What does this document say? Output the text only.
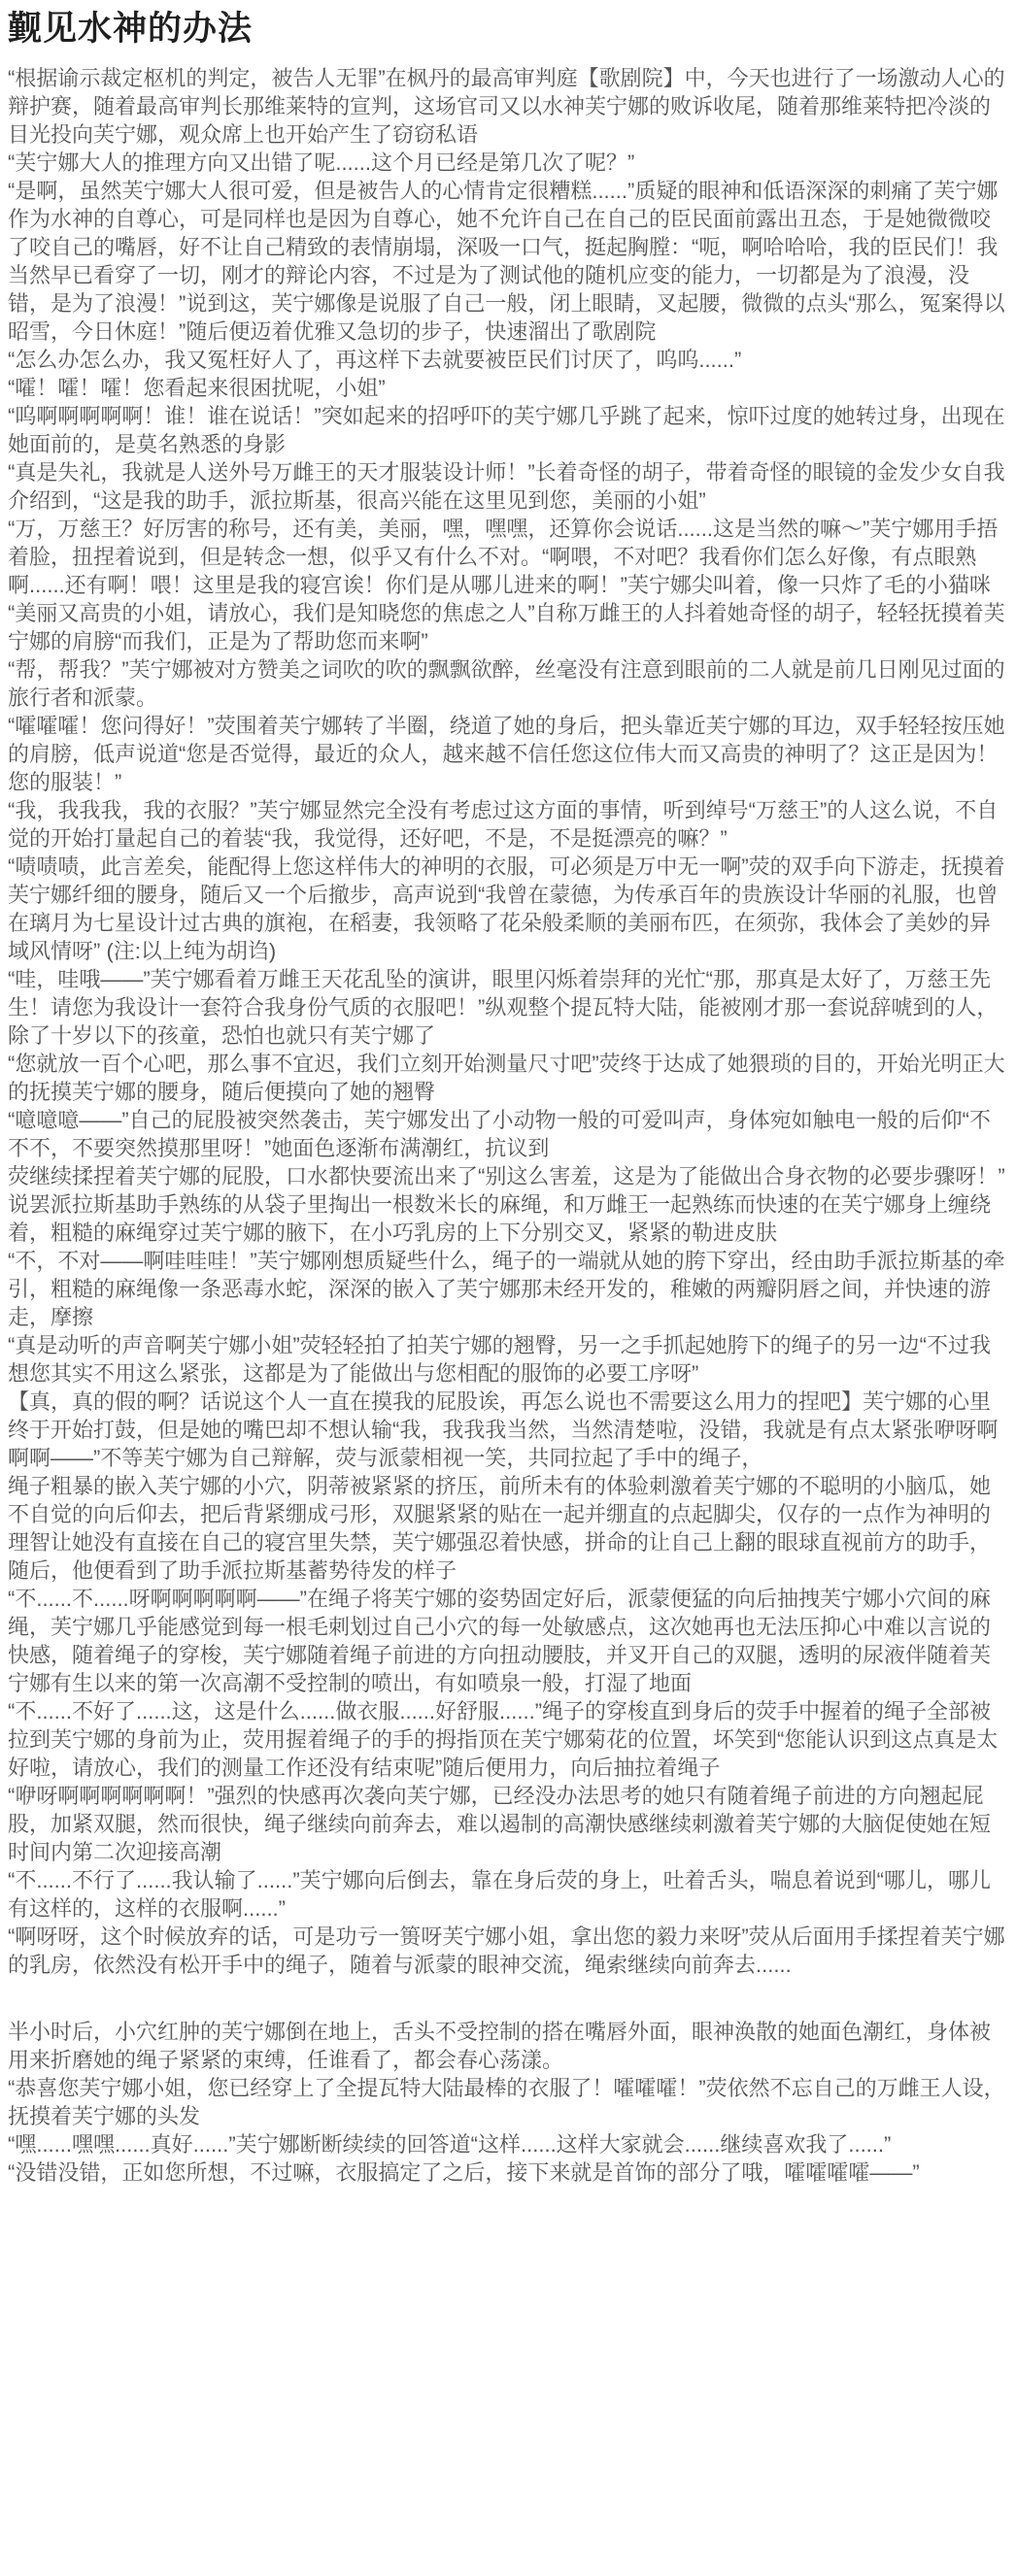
觐见水神的办法
“根据谕示裁定枢机的判定，被告人无罪”在枫丹的最高审判庭【歌剧院】中，今天也进行了一场激动人心的辩护赛，随着最高审判长那维莱特的宣判，这场官司又以水神芙宁娜的败诉收尾，随着那维莱特把冷淡的目光投向芙宁娜，观众席上也开始产生了窃窃私语
“芙宁娜大人的推理方向又出错了呢......这个月已经是第几次了呢？”
“是啊，虽然芙宁娜大人很可爱，但是被告人的心情肯定很糟糕......”质疑的眼神和低语深深的刺痛了芙宁娜作为水神的自尊心，可是同样也是因为自尊心，她不允许自己在自己的臣民面前露出丑态，于是她微微咬了咬自己的嘴唇，好不让自己精致的表情崩塌，深吸一口气，挺起胸膛：“呃，啊哈哈哈，我的臣民们！我当然早已看穿了一切，刚才的辩论内容，不过是为了测试他的随机应变的能力，一切都是为了浪漫，没错，是为了浪漫！”说到这，芙宁娜像是说服了自己一般，闭上眼睛，叉起腰，微微的点头“那么，冤案得以昭雪，今日休庭！”随后便迈着优雅又急切的步子，快速溜出了歌剧院
“怎么办怎么办，我又冤枉好人了，再这样下去就要被臣民们讨厌了，呜呜......”
“嚯！嚯！嚯！您看起来很困扰呢，小姐”
“呜啊啊啊啊啊！谁！谁在说话！”突如起来的招呼吓的芙宁娜几乎跳了起来，惊吓过度的她转过身，出现在她面前的，是莫名熟悉的身影
“真是失礼，我就是人送外号万雌王的天才服装设计师！”长着奇怪的胡子，带着奇怪的眼镜的金发少女自我介绍到，“这是我的助手，派拉斯基，很高兴能在这里见到您，美丽的小姐”
“万，万慈王？好厉害的称号，还有美，美丽，嘿，嘿嘿，还算你会说话......这是当然的嘛～”芙宁娜用手捂着脸，扭捏着说到，但是转念一想，似乎又有什么不对。“啊喂，不对吧？我看你们怎么好像，有点眼熟啊......还有啊！喂！这里是我的寝宫诶！你们是从哪儿进来的啊！”芙宁娜尖叫着，像一只炸了毛的小猫咪
“美丽又高贵的小姐，请放心，我们是知晓您的焦虑之人”自称万雌王的人抖着她奇怪的胡子，轻轻抚摸着芙宁娜的肩膀“而我们，正是为了帮助您而来啊”
“帮，帮我？”芙宁娜被对方赞美之词吹的吹的飘飘欲醉，丝毫没有注意到眼前的二人就是前几日刚见过面的旅行者和派蒙。
“嚯嚯嚯！您问得好！”荧围着芙宁娜转了半圈，绕道了她的身后，把头靠近芙宁娜的耳边，双手轻轻按压她的肩膀，低声说道“您是否觉得，最近的众人，越来越不信任您这位伟大而又高贵的神明了？这正是因为！您的服装！”
“我，我我我，我的衣服？”芙宁娜显然完全没有考虑过这方面的事情，听到绰号“万慈王”的人这么说，不自觉的开始打量起自己的着装“我，我觉得，还好吧，不是，不是挺漂亮的嘛？”
“啧啧啧，此言差矣，能配得上您这样伟大的神明的衣服，可必须是万中无一啊”荧的双手向下游走，抚摸着芙宁娜纤细的腰身，随后又一个后撤步，高声说到“我曾在蒙德，为传承百年的贵族设计华丽的礼服，也曾在璃月为七星设计过古典的旗袍，在稻妻，我领略了花朵般柔顺的美丽布匹，在须弥，我体会了美妙的异域风情呀” (注:以上纯为胡诌)
“哇，哇哦——”芙宁娜看着万雌王天花乱坠的演讲，眼里闪烁着崇拜的光忙“那，那真是太好了，万慈王先生！请您为我设计一套符合我身份气质的衣服吧！”纵观整个提瓦特大陆，能被刚才那一套说辞唬到的人，除了十岁以下的孩童，恐怕也就只有芙宁娜了
“您就放一百个心吧，那么事不宜迟，我们立刻开始测量尺寸吧”荧终于达成了她猥琐的目的，开始光明正大的抚摸芙宁娜的腰身，随后便摸向了她的翘臀
“噫噫噫——”自己的屁股被突然袭击，芙宁娜发出了小动物一般的可爱叫声，身体宛如触电一般的后仰“不不不，不要突然摸那里呀！”她面色逐渐布满潮红，抗议到
荧继续揉捏着芙宁娜的屁股，口水都快要流出来了“别这么害羞，这是为了能做出合身衣物的必要步骤呀！”说罢派拉斯基助手熟练的从袋子里掏出一根数米长的麻绳，和万雌王一起熟练而快速的在芙宁娜身上缠绕着，粗糙的麻绳穿过芙宁娜的腋下，在小巧乳房的上下分别交叉，紧紧的勒进皮肤
“不，不对——啊哇哇哇！”芙宁娜刚想质疑些什么，绳子的一端就从她的胯下穿出，经由助手派拉斯基的牵引，粗糙的麻绳像一条恶毒水蛇，深深的嵌入了芙宁娜那未经开发的，稚嫩的两瓣阴唇之间，并快速的游走，摩擦
“真是动听的声音啊芙宁娜小姐”荧轻轻拍了拍芙宁娜的翘臀，另一之手抓起她胯下的绳子的另一边“不过我想您其实不用这么紧张，这都是为了能做出与您相配的服饰的必要工序呀”
【真，真的假的啊？话说这个人一直在摸我的屁股诶，再怎么说也不需要这么用力的捏吧】芙宁娜的心里终于开始打鼓，但是她的嘴巴却不想认输“我，我我我当然，当然清楚啦，没错，我就是有点太紧张咿呀啊啊啊——”不等芙宁娜为自己辩解，荧与派蒙相视一笑，共同拉起了手中的绳子，
绳子粗暴的嵌入芙宁娜的小穴，阴蒂被紧紧的挤压，前所未有的体验刺激着芙宁娜的不聪明的小脑瓜，她不自觉的向后仰去，把后背紧绷成弓形，双腿紧紧的贴在一起并绷直的点起脚尖，仅存的一点作为神明的理智让她没有直接在自己的寝宫里失禁，芙宁娜强忍着快感，拼命的让自己上翻的眼球直视前方的助手，随后，他便看到了助手派拉斯基蓄势待发的样子
“不......不......呀啊啊啊啊啊——”在绳子将芙宁娜的姿势固定好后，派蒙便猛的向后抽拽芙宁娜小穴间的麻绳，芙宁娜几乎能感觉到每一根毛刺划过自己小穴的每一处敏感点，这次她再也无法压抑心中难以言说的快感，随着绳子的穿梭，芙宁娜随着绳子前进的方向扭动腰肢，并叉开自己的双腿，透明的尿液伴随着芙宁娜有生以来的第一次高潮不受控制的喷出，有如喷泉一般，打湿了地面
“不......不好了......这，这是什么......做衣服......好舒服......”绳子的穿梭直到身后的荧手中握着的绳子全部被拉到芙宁娜的身前为止，荧用握着绳子的手的拇指顶在芙宁娜菊花的位置，坏笑到“您能认识到这点真是太好啦，请放心，我们的测量工作还没有结束呢”随后便用力，向后抽拉着绳子
“咿呀啊啊啊啊啊啊！”强烈的快感再次袭向芙宁娜，已经没办法思考的她只有随着绳子前进的方向翘起屁股，加紧双腿，然而很快，绳子继续向前奔去，难以遏制的高潮快感继续刺激着芙宁娜的大脑促使她在短时间内第二次迎接高潮
“不......不行了......我认输了......”芙宁娜向后倒去，靠在身后荧的身上，吐着舌头，喘息着说到“哪儿，哪儿有这样的，这样的衣服啊......”
“啊呀呀，这个时候放弃的话，可是功亏一篑呀芙宁娜小姐，拿出您的毅力来呀”荧从后面用手揉捏着芙宁娜的乳房，依然没有松开手中的绳子，随着与派蒙的眼神交流，绳索继续向前奔去......
半小时后，小穴红肿的芙宁娜倒在地上，舌头不受控制的搭在嘴唇外面，眼神涣散的她面色潮红，身体被用来折磨她的绳子紧紧的束缚，任谁看了，都会春心荡漾。
“恭喜您芙宁娜小姐，您已经穿上了全提瓦特大陆最棒的衣服了！嚯嚯嚯！”荧依然不忘自己的万雌王人设，抚摸着芙宁娜的头发
“嘿......嘿嘿......真好......”芙宁娜断断续续的回答道“这样......这样大家就会......继续喜欢我了......”
“没错没错，正如您所想，不过嘛，衣服搞定了之后，接下来就是首饰的部分了哦，嚯嚯嚯嚯——”
